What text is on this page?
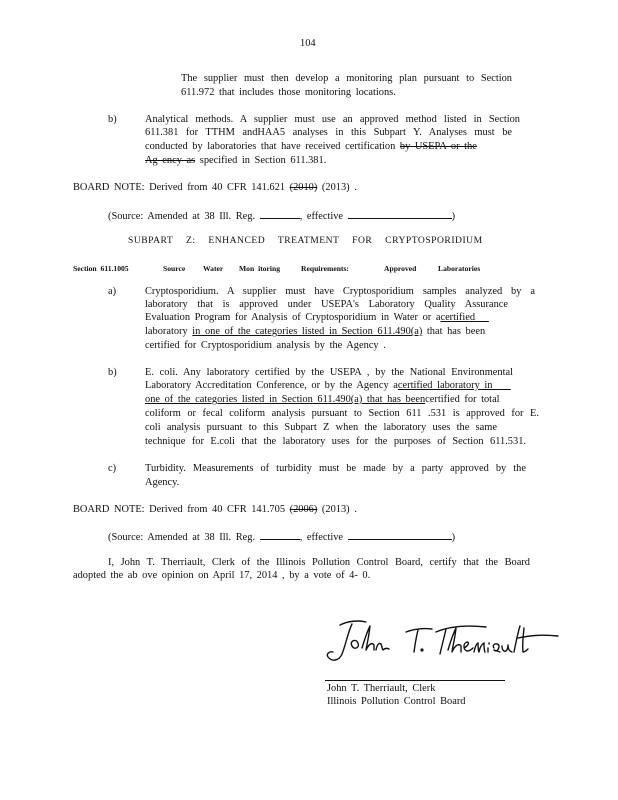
104
The supplier must then develop a monitoring plan pursuant to Section
611.972 that includes those monitoring locations.
b)	Analytical methods. A supplier must use an approved method listed in Section
611.381 for TTHM andHAA5 analyses in this Subpart Y. Analyses must be
conducted by laboratories that have received certification by USEPA or the
Ag ency as specified in Section 611.381.
BOARD NOTE: Derived from 40 CFR 141.621 (2010) (2013) .
(Source: Amended at 38 Ill. Reg.	, effective	)
SUBPART Z: ENHANCED TREATMENT FOR CRYPTOSPORIDIUM
Section 611.1005	Source Water Mon itoring	Requirements:	Approved	Laboratories
a)	Cryptosporidium. A supplier must have Cryptosporidium samples analyzed by a
laboratory that is approved under USEPA's Laboratory Quality Assurance
Evaluation Program for Analysis of Cryptosporidium in Water or acertified
laboratory in one of the categories listed in Section 611.490(a) that has been
certified for Cryptosporidium analysis by the Agency .
b)	E. coli. Any laboratory certified by the USEPA , by the National Environmental
Laboratory Accreditation Conference, or by the Agency acertified laboratory in
one of the categories listed in Section 611.490(a) that has beencertified for total
coliform or fecal coliform analysis pursuant to Section 611 .531 is approved for E.
coli analysis pursuant to this Subpart Z when the laboratory uses the same
technique for E.coli that the laboratory uses for the purposes of Section 611.531.
c)	Turbidity. Measurements of turbidity must be made by a party approved by the
Agency.
BOARD NOTE: Derived from 40 CFR 141.705 (2006) (2013) .
(Source: Amended at 38 Ill. Reg.	, effective	)
I, John T. Therriault, Clerk of the Illinois Pollution Control Board, certify that the Board
adopted the ab ove opinion on April 17, 2014 , by a vote of 4- 0.
John T. Therriault, Clerk
Illinois Pollution Control Board
